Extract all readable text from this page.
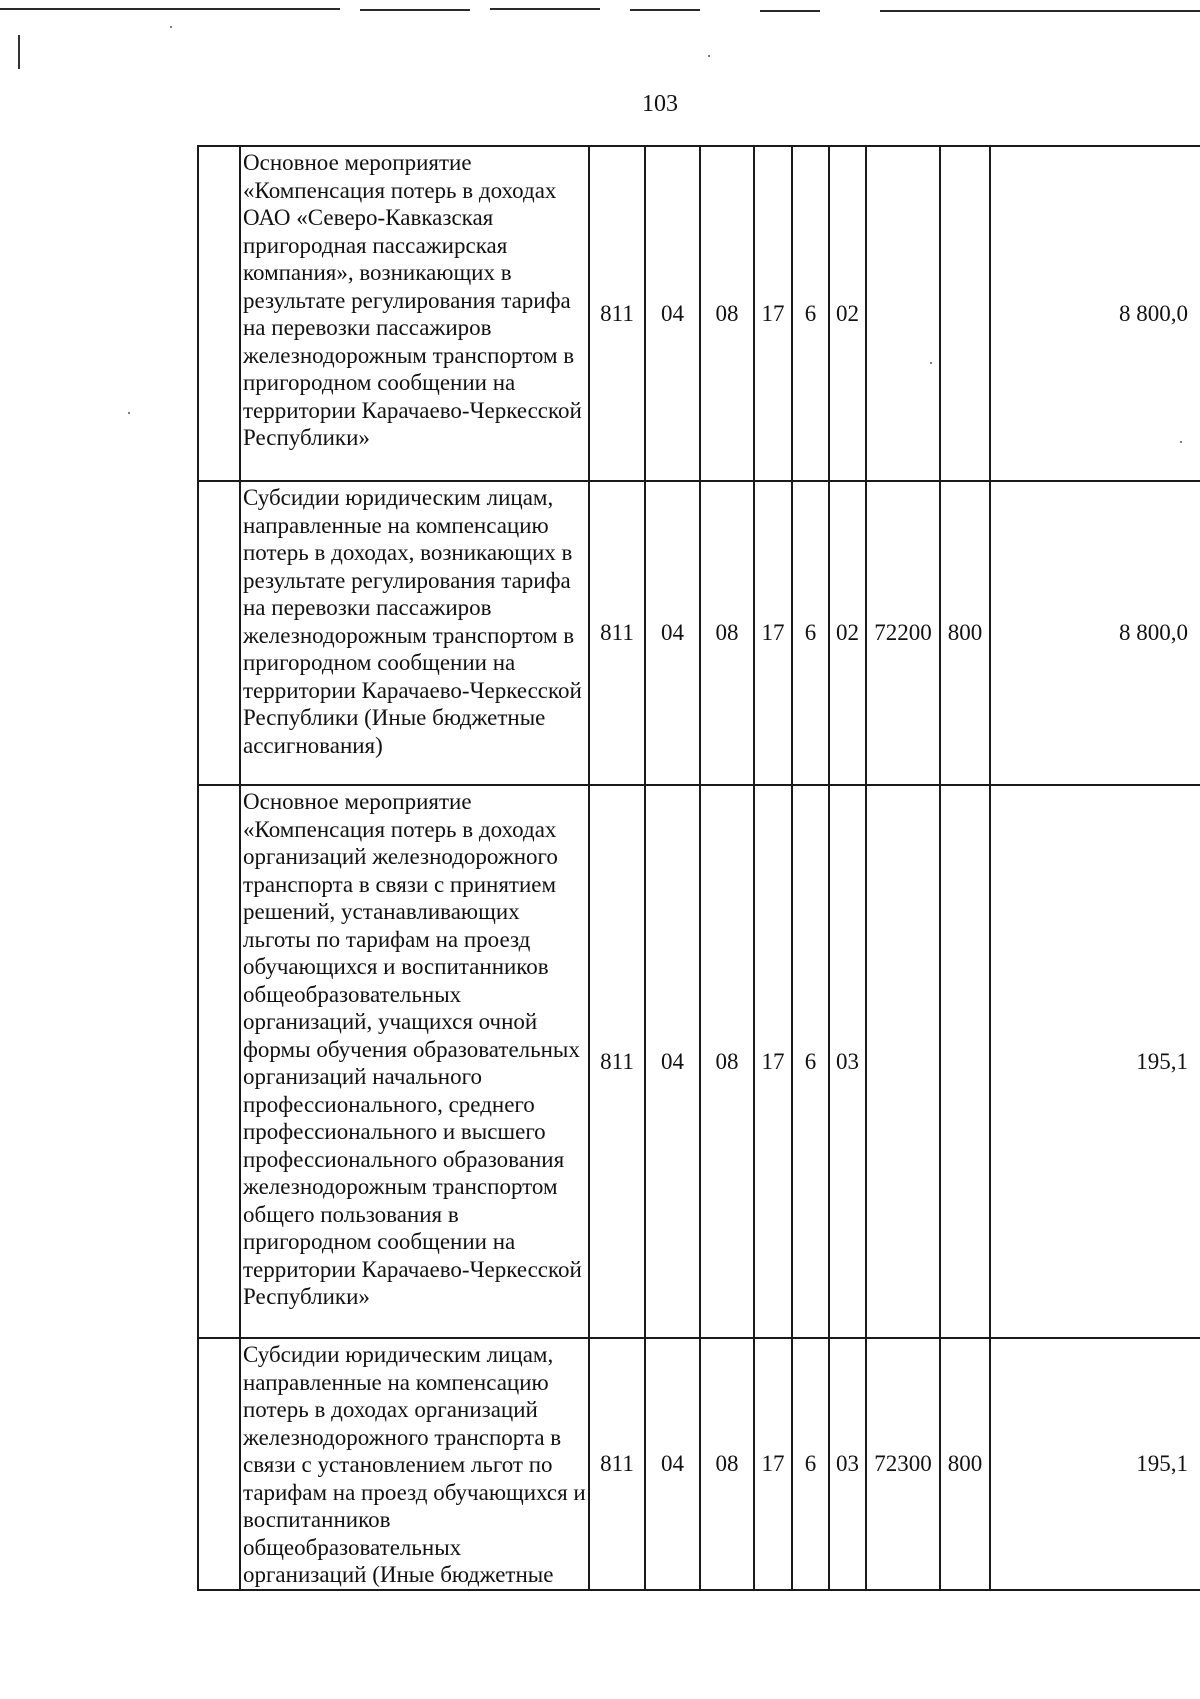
103
	Основное мероприятие «Компенсация потерь в доходах ОАО «Северо-Кавказская пригородная пассажирская компания», возникающих в результате регулирования тарифа на перевозки пассажиров железнодорожным транспортом в пригородном сообщении на территории Карачаево-Черкесской Республики»	811	04	08	17	6	02			8 800,0
	Субсидии юридическим лицам, направленные на компенсацию потерь в доходах, возникающих в результате регулирования тарифа на перевозки пассажиров железнодорожным транспортом в пригородном сообщении на территории Карачаево-Черкесской Республики (Иные бюджетные ассигнования)	811	04	08	17	6	02	72200	800	8 800,0
	Основное мероприятие «Компенсация потерь в доходах организаций железнодорожного транспорта в связи с принятием решений, устанавливающих льготы по тарифам на проезд обучающихся и воспитанников общеобразовательных организаций, учащихся очной формы обучения образовательных организаций начального профессионального, среднего профессионального и высшего профессионального образования железнодорожным транспортом общего пользования в пригородном сообщении на территории Карачаево-Черкесской Республики»	811	04	08	17	6	03			195,1
	Субсидии юридическим лицам, направленные на компенсацию потерь в доходах организаций железнодорожного транспорта в связи с установлением льгот по тарифам на проезд обучающихся и воспитанников общеобразовательных организаций (Иные бюджетные	811	04	08	17	6	03	72300	800	195,1
